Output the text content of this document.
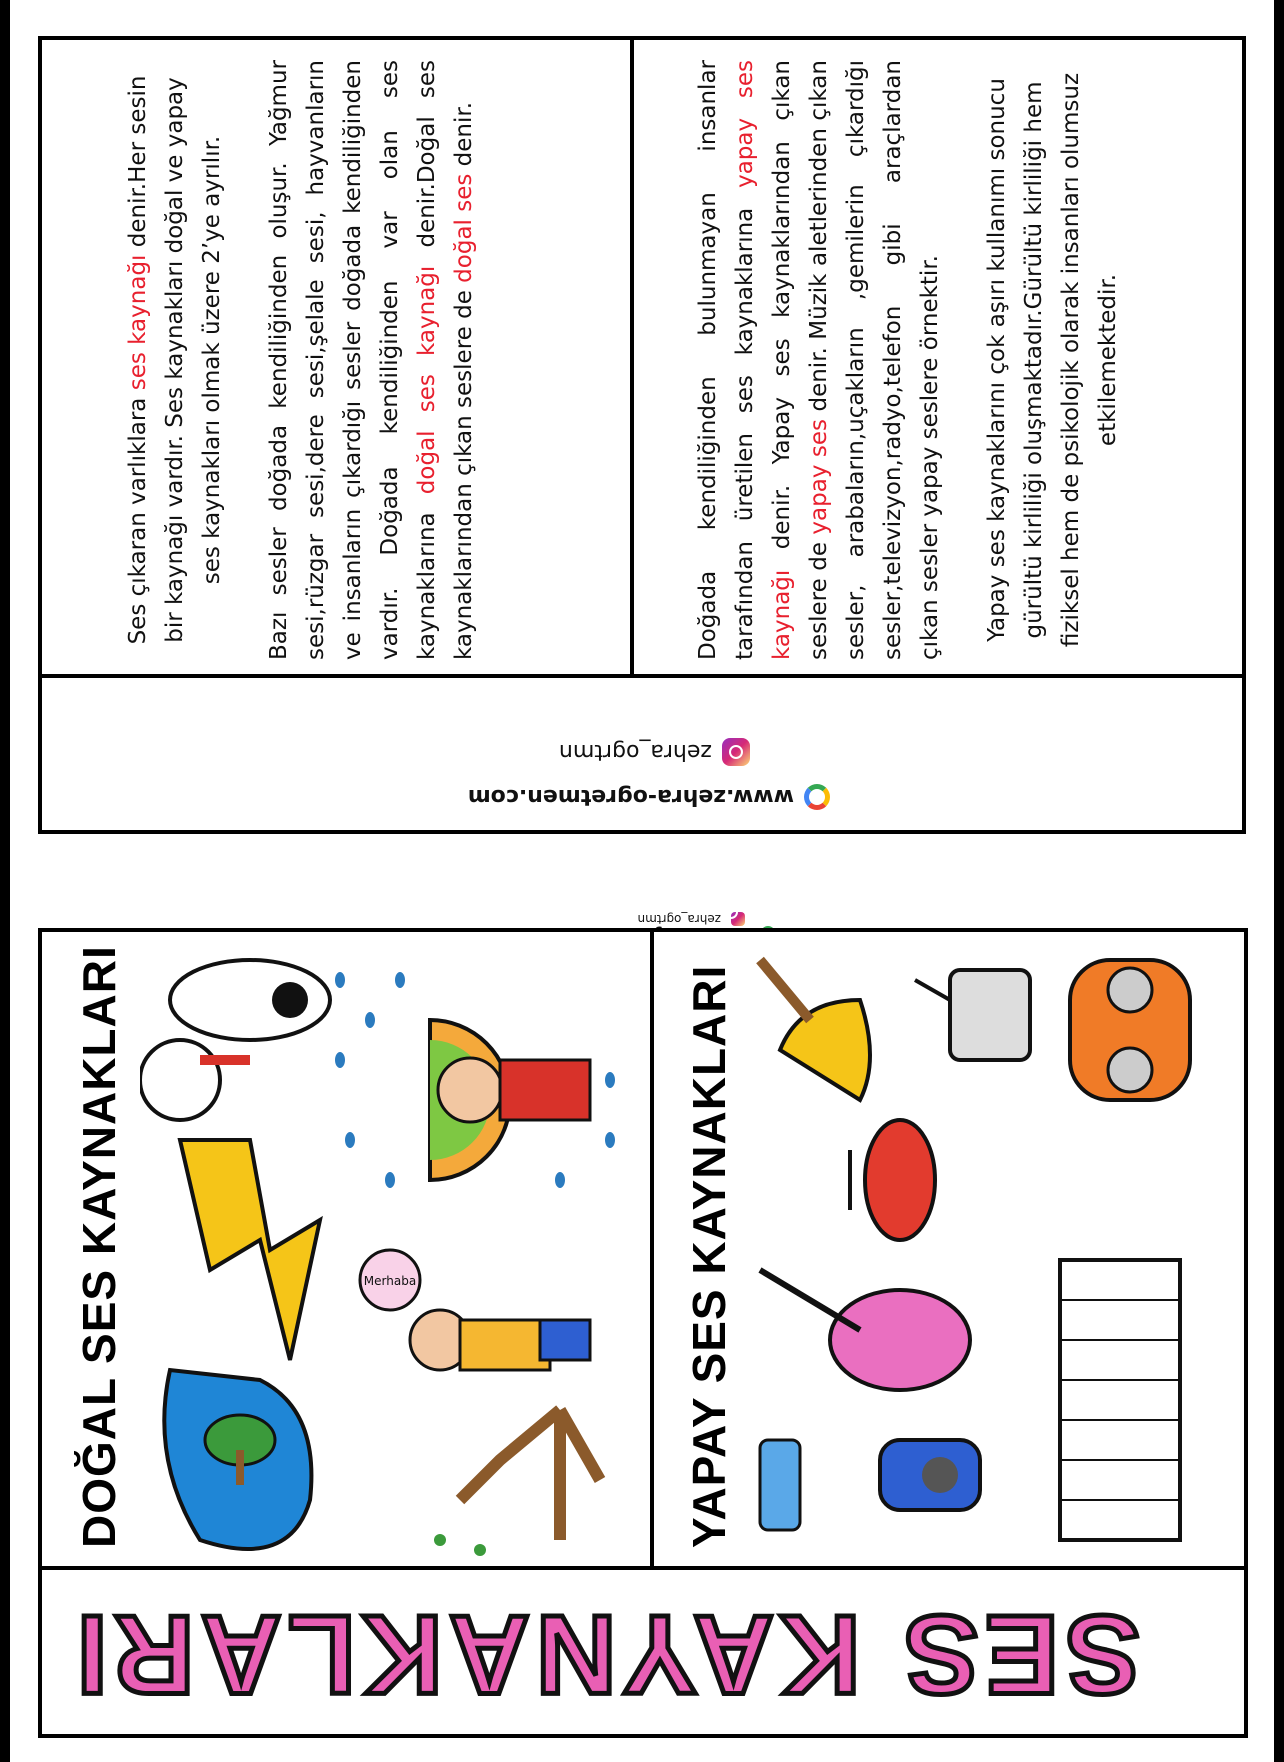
Ses çıkaran varlıklara ses kaynağı denir.Her sesin bir kaynağı vardır. Ses kaynakları doğal ve yapay ses kaynakları olmak üzere 2’ye ayrılır. Bazı sesler doğada kendiliğinden oluşur. Yağmur sesi,rüzgar sesi,dere sesi,şelale sesi, hayvanların ve insanların çıkardığı sesler doğada kendiliğinden vardır. Doğada kendiliğinden var olan ses kaynaklarına doğal ses kaynağı denir.Doğal ses kaynaklarından çıkan seslere de doğal ses denir.	Doğada kendiliğinden bulunmayan insanlar tarafından üretilen ses kaynaklarına yapay ses kaynağı denir. Yapay ses kaynaklarından çıkan seslere de yapay ses denir. Müzik aletlerinden çıkan sesler, arabaların,uçakların ,gemilerin çıkardığı sesler,televizyon,radyo,telefon gibi araçlardan çıkan sesler yapay seslere örnektir. Yapay ses kaynaklarını çok aşırı kullanımı sonucu gürültü kirliliği oluşmaktadır.Gürültü kirliliği hem fiziksel hem de psikolojik olarak insanları olumsuz etkilemektedir.

www.zehra-ogretmen.com
zehra_ogrtmn
zehra_ogrtmn
DOĞAL SES KAYNAKLARI	YAPAY SES KAYNAKLARI
Merhaba
SES KAYNAKLARI
